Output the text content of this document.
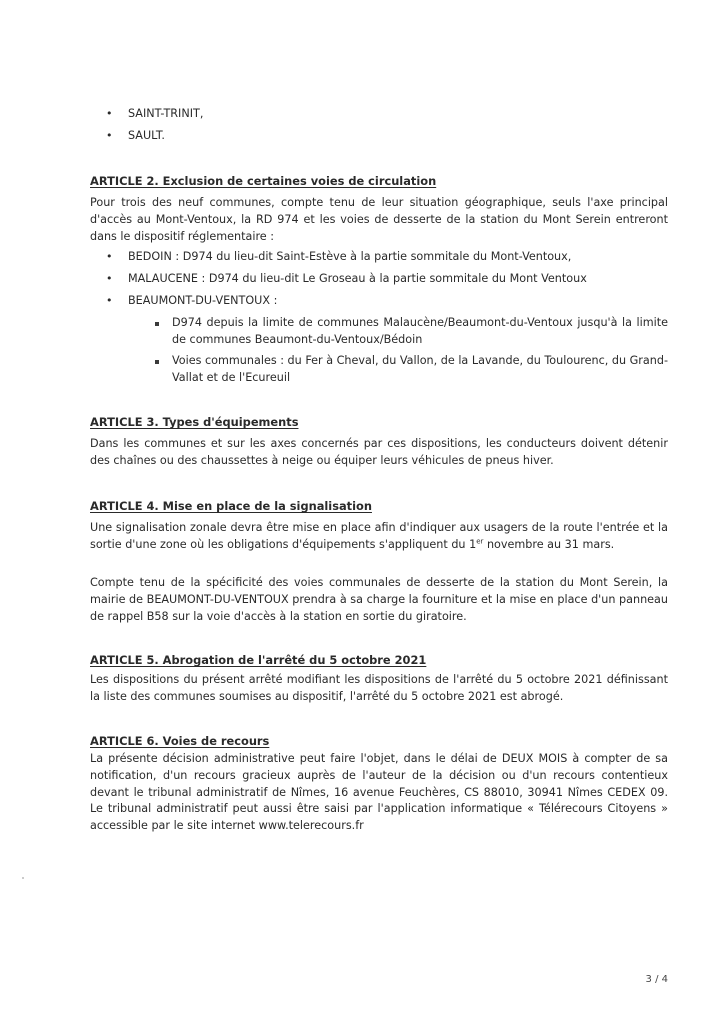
• SAINT-TRINIT,

• SAULT.

ARTICLE 2. Exclusion de certaines voies de circulation

Pour trois des neuf communes, compte tenu de leur situation géographique, seuls l'axe principal d'accès au Mont-Ventoux, la RD 974 et les voies de desserte de la station du Mont Serein entreront dans le dispositif réglementaire :

• BEDOIN : D974 du lieu-dit Saint-Estève à la partie sommitale du Mont-Ventoux,

• MALAUCENE : D974 du lieu-dit Le Groseau à la partie sommitale du Mont Ventoux

• BEAUMONT-DU-VENTOUX :

D974 depuis la limite de communes Malaucène/Beaumont-du-Ventoux jusqu'à la limite de communes Beaumont-du-Ventoux/Bédoin

Voies communales : du Fer à Cheval, du Vallon, de la Lavande, du Toulourenc, du Grand-Vallat et de l'Ecureuil

ARTICLE 3. Types d'équipements

Dans les communes et sur les axes concernés par ces dispositions, les conducteurs doivent détenir des chaînes ou des chaussettes à neige ou équiper leurs véhicules de pneus hiver.

ARTICLE 4. Mise en place de la signalisation

Une signalisation zonale devra être mise en place afin d'indiquer aux usagers de la route l'entrée et la sortie d'une zone où les obligations d'équipements s'appliquent du 1er novembre au 31 mars.

Compte tenu de la spécificité des voies communales de desserte de la station du Mont Serein, la mairie de BEAUMONT-DU-VENTOUX prendra à sa charge la fourniture et la mise en place d'un panneau de rappel B58 sur la voie d'accès à la station en sortie du giratoire.

ARTICLE 5. Abrogation de l'arrêté du 5 octobre 2021

Les dispositions du présent arrêté modifiant les dispositions de l'arrêté du 5 octobre 2021 définissant la liste des communes soumises au dispositif, l'arrêté du 5 octobre 2021 est abrogé.

ARTICLE 6. Voies de recours

La présente décision administrative peut faire l'objet, dans le délai de DEUX MOIS à compter de sa notification, d'un recours gracieux auprès de l'auteur de la décision ou d'un recours contentieux devant le tribunal administratif de Nîmes, 16 avenue Feuchères, CS 88010, 30941 Nîmes CEDEX 09. Le tribunal administratif peut aussi être saisi par l'application informatique « Télérecours Citoyens » accessible par le site internet www.telerecours.fr

3 / 4
